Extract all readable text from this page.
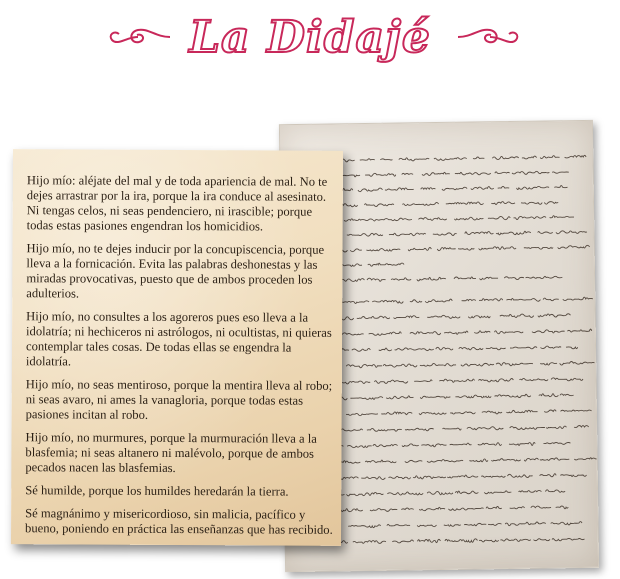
La Didajé

Hijo mío: aléjate del mal y de toda apariencia de mal. No te dejes arrastrar por la ira, porque la ira conduce al asesinato. Ni tengas celos, ni seas pendenciero, ni irascible; porque todas estas pasiones engendran los homicidios.

Hijo mío, no te dejes inducir por la concupiscencia, porque lleva a la fornicación. Evita las palabras deshonestas y las miradas provocativas, puesto que de ambos proceden los adulterios.

Hijo mío, no consultes a los agoreros pues eso lleva a la idolatría; ni hechiceros ni astrólogos, ni ocultistas, ni quieras contemplar tales cosas. De todas ellas se engendra la idolatría.

Hijo mío, no seas mentiroso, porque la mentira lleva al robo; ni seas avaro, ni ames la vanagloria, porque todas estas pasiones incitan al robo.

Hijo mío, no murmures, porque la murmuración lleva a la blasfemia; ni seas altanero ni malévolo, porque de ambos pecados nacen las blasfemias.

Sé humilde, porque los humildes heredarán la tierra.

Sé magnánimo y misericordioso, sin malicia, pacífico y bueno, poniendo en práctica las enseñanzas que has recibido.
